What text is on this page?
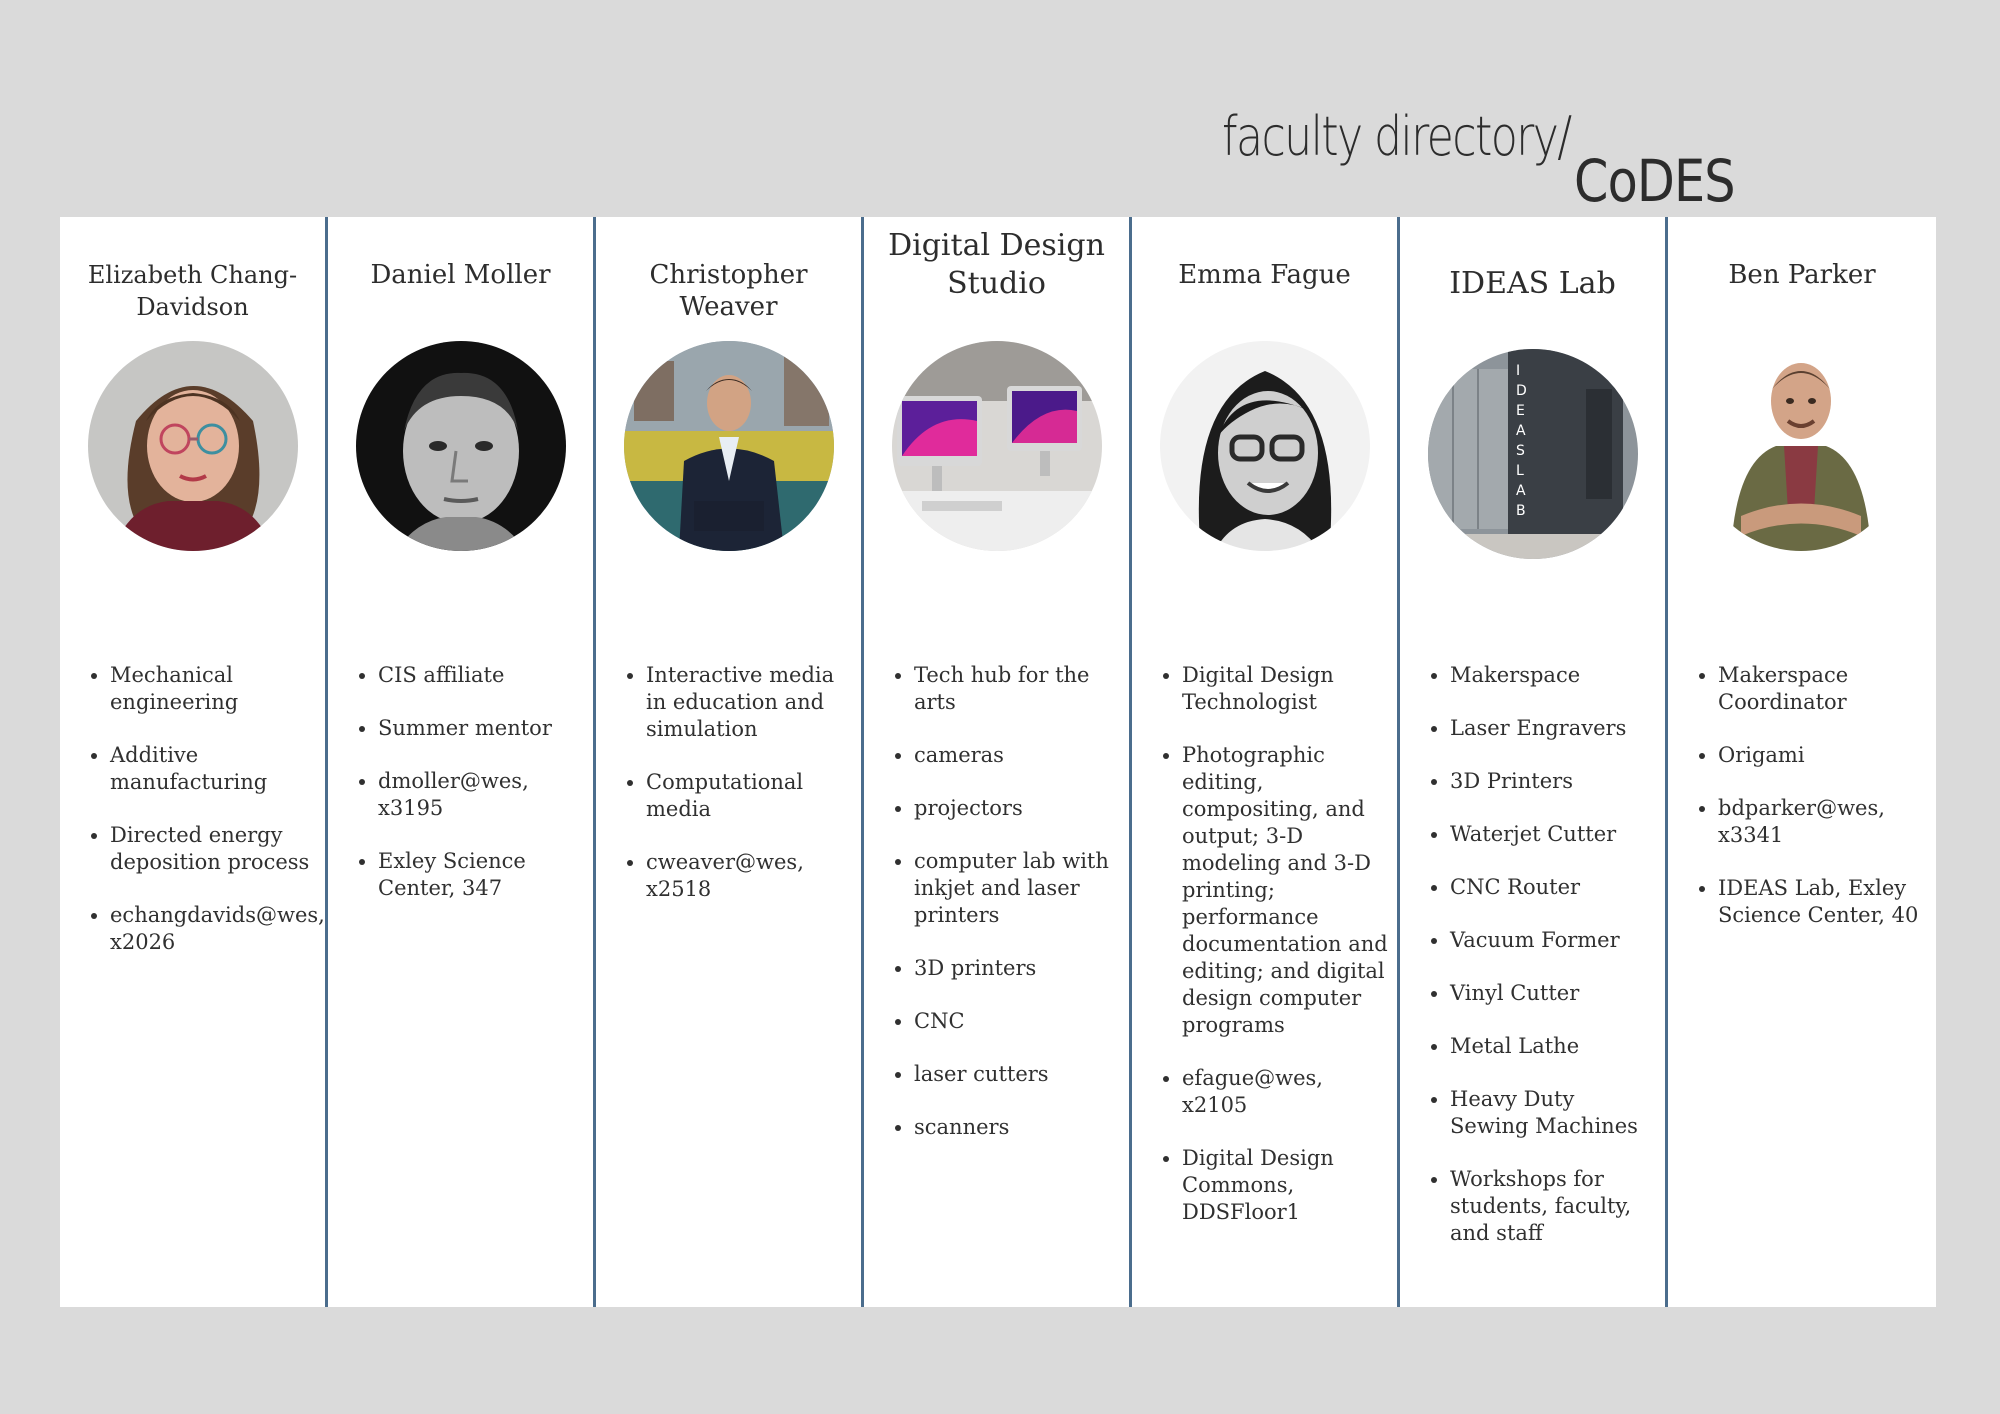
faculty directory/
CoDES
Elizabeth Chang-Davidson
• Mechanical engineering
• Additive manufacturing
• Directed energy deposition process
• echangdavids@wes, x2026
Daniel Moller
• CIS affiliate
• Summer mentor
• dmoller@wes, x3195
• Exley Science Center, 347
Christopher Weaver
• Interactive media in education and simulation
• Computational media
• cweaver@wes, x2518
Digital Design Studio
• Tech hub for the arts
• cameras
• projectors
• computer lab with inkjet and laser printers
• 3D printers
• CNC
• laser cutters
• scanners
Emma Fague
• Digital Design Technologist
• Photographic editing, compositing, and output; 3-D modeling and 3-D printing; performance documentation and editing; and digital design computer programs
• efague@wes, x2105
• Digital Design Commons, DDSFloor1
IDEAS Lab
I
D
E
A
S
L
A
B
• Makerspace
• Laser Engravers
• 3D Printers
• Waterjet Cutter
• CNC Router
• Vacuum Former
• Vinyl Cutter
• Metal Lathe
• Heavy Duty Sewing Machines
• Workshops for students, faculty, and staff
Ben Parker
• Makerspace Coordinator
• Origami
• bdparker@wes, x3341
• IDEAS Lab, Exley Science Center, 40
